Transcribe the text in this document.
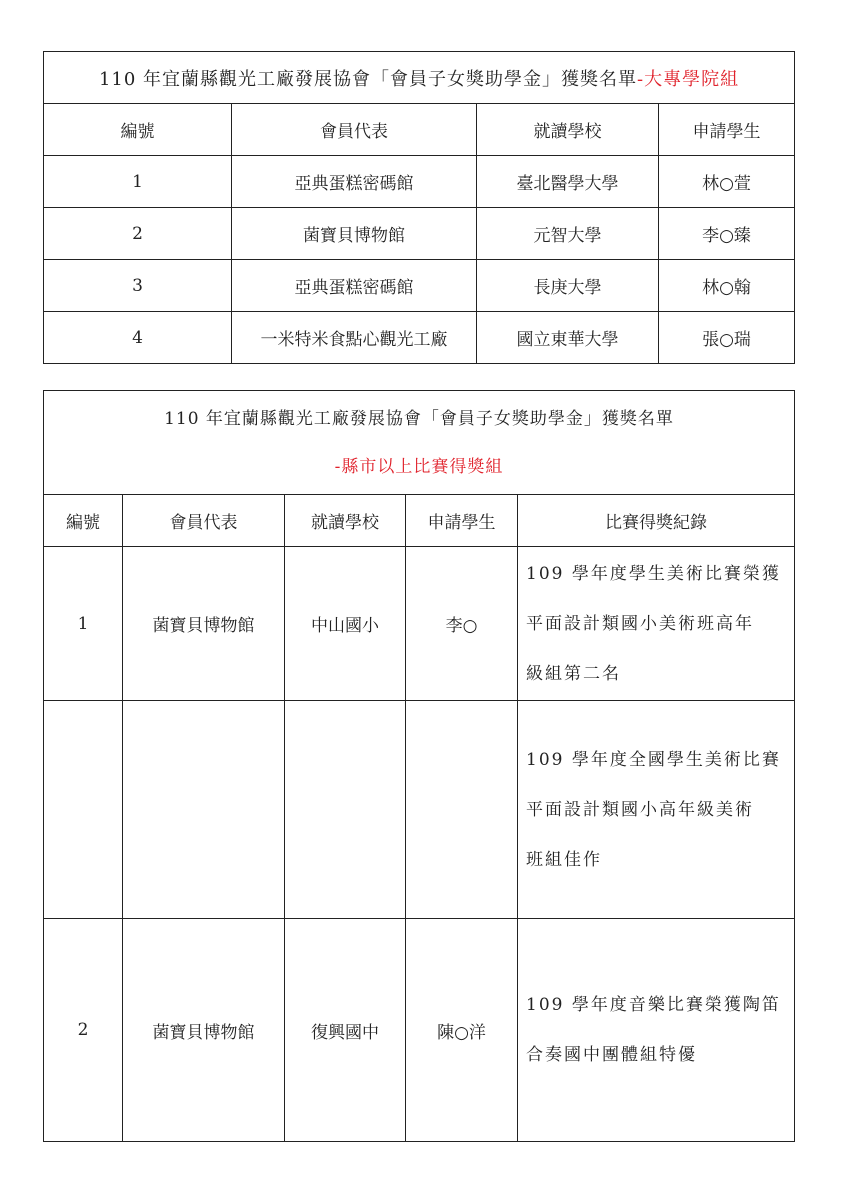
110 年宜蘭縣觀光工廠發展協會「會員子女獎助學金」獲獎名單-大專學院組			
編號	會員代表	就讀學校	申請學生
1	亞典蛋糕密碼館	臺北醫學大學	林○萱
2	菌寶貝博物館	元智大學	李○臻
3	亞典蛋糕密碼館	長庚大學	林○翰
4	一米特米食點心觀光工廠	國立東華大學	張○瑞
110 年宜蘭縣觀光工廠發展協會「會員子女獎助學金」獲獎名單
-縣市以上比賽得獎組				

編號	會員代表	就讀學校	申請學生	比賽得獎紀錄
1	菌寶貝博物館	中山國小	李○	109 學年度學生美術比賽榮獲
平面設計類國小美術班高年
級組第二名

				109 學年度全國學生美術比賽
平面設計類國小高年級美術
班組佳作

2	菌寶貝博物館	復興國中	陳○洋	109 學年度音樂比賽榮獲陶笛
合奏國中團體組特優
